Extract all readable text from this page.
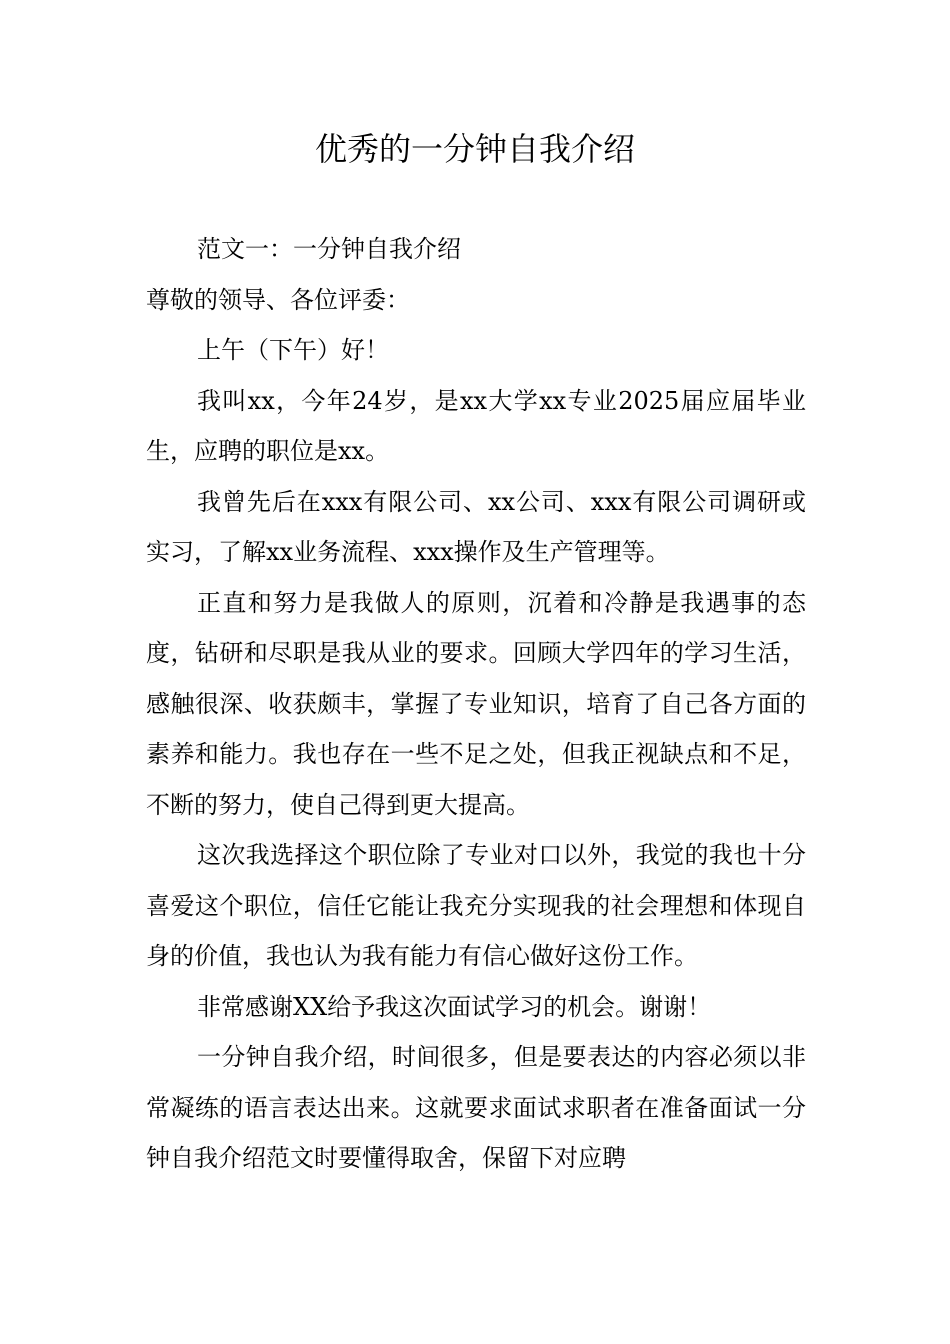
优秀的一分钟自我介绍

范文一：一分钟自我介绍

尊敬的领导、各位评委：

上午（下午）好！

我叫xx，今年24岁，是xx大学xx专业2025届应届毕业生，应聘的职位是xx。

我曾先后在xxx有限公司、xx公司、xxx有限公司调研或实习，了解xx业务流程、xxx操作及生产管理等。

正直和努力是我做人的原则，沉着和冷静是我遇事的态度，钻研和尽职是我从业的要求。回顾大学四年的学习生活，感触很深、收获颇丰，掌握了专业知识，培育了自己各方面的素养和能力。我也存在一些不足之处，但我正视缺点和不足，不断的努力，使自己得到更大提高。

这次我选择这个职位除了专业对口以外，我觉的我也十分喜爱这个职位，信任它能让我充分实现我的社会理想和体现自身的价值，我也认为我有能力有信心做好这份工作。

非常感谢XX给予我这次面试学习的机会。谢谢！

一分钟自我介绍，时间很多，但是要表达的内容必须以非常凝练的语言表达出来。这就要求面试求职者在准备面试一分钟自我介绍范文时要懂得取舍，保留下对应聘
